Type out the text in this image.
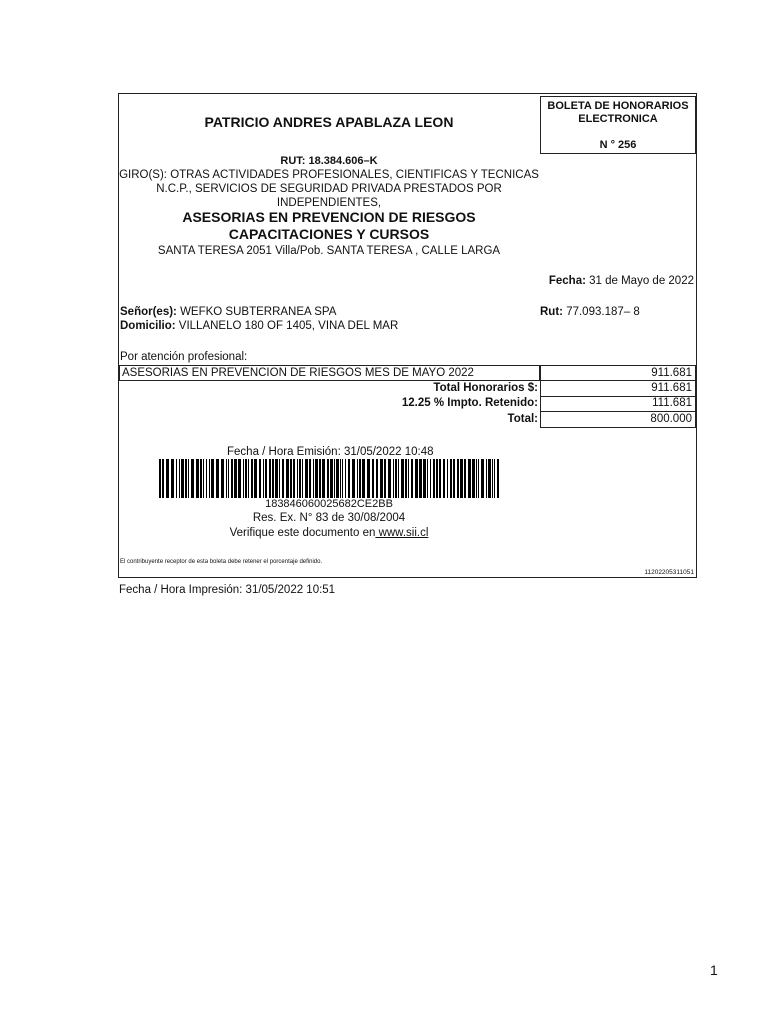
PATRICIO ANDRES APABLAZA LEON
BOLETA DE HONORARIOS
ELECTRONICA
N ° 256
RUT: 18.384.606–K
GIRO(S): OTRAS ACTIVIDADES PROFESIONALES, CIENTIFICAS Y TECNICAS N.C.P., SERVICIOS DE SEGURIDAD PRIVADA PRESTADOS POR INDEPENDIENTES,
ASESORIAS EN PREVENCION DE RIESGOS
CAPACITACIONES Y CURSOS
SANTA TERESA 2051 Villa/Pob. SANTA TERESA , CALLE LARGA
Fecha: 31 de Mayo de 2022
Señor(es): WEFKO SUBTERRANEA SPA
Domicilio: VILLANELO 180 OF 1405, VINA DEL MAR
Rut: 77.093.187– 8
Por atención profesional:
ASESORIAS EN PREVENCION DE RIESGOS MES DE MAYO 2022	911.681
Total Honorarios $:	911.681
12.25 % Impto. Retenido:	111.681
Total:	800.000
Fecha / Hora Emisión: 31/05/2022 10:48
183846060025682CE2BB
Res. Ex. N° 83 de 30/08/2004
Verifique este documento en www.sii.cl
El contribuyente receptor de esta boleta debe retener el porcentaje definido.
11202205311051
Fecha / Hora Impresión: 31/05/2022 10:51
1
